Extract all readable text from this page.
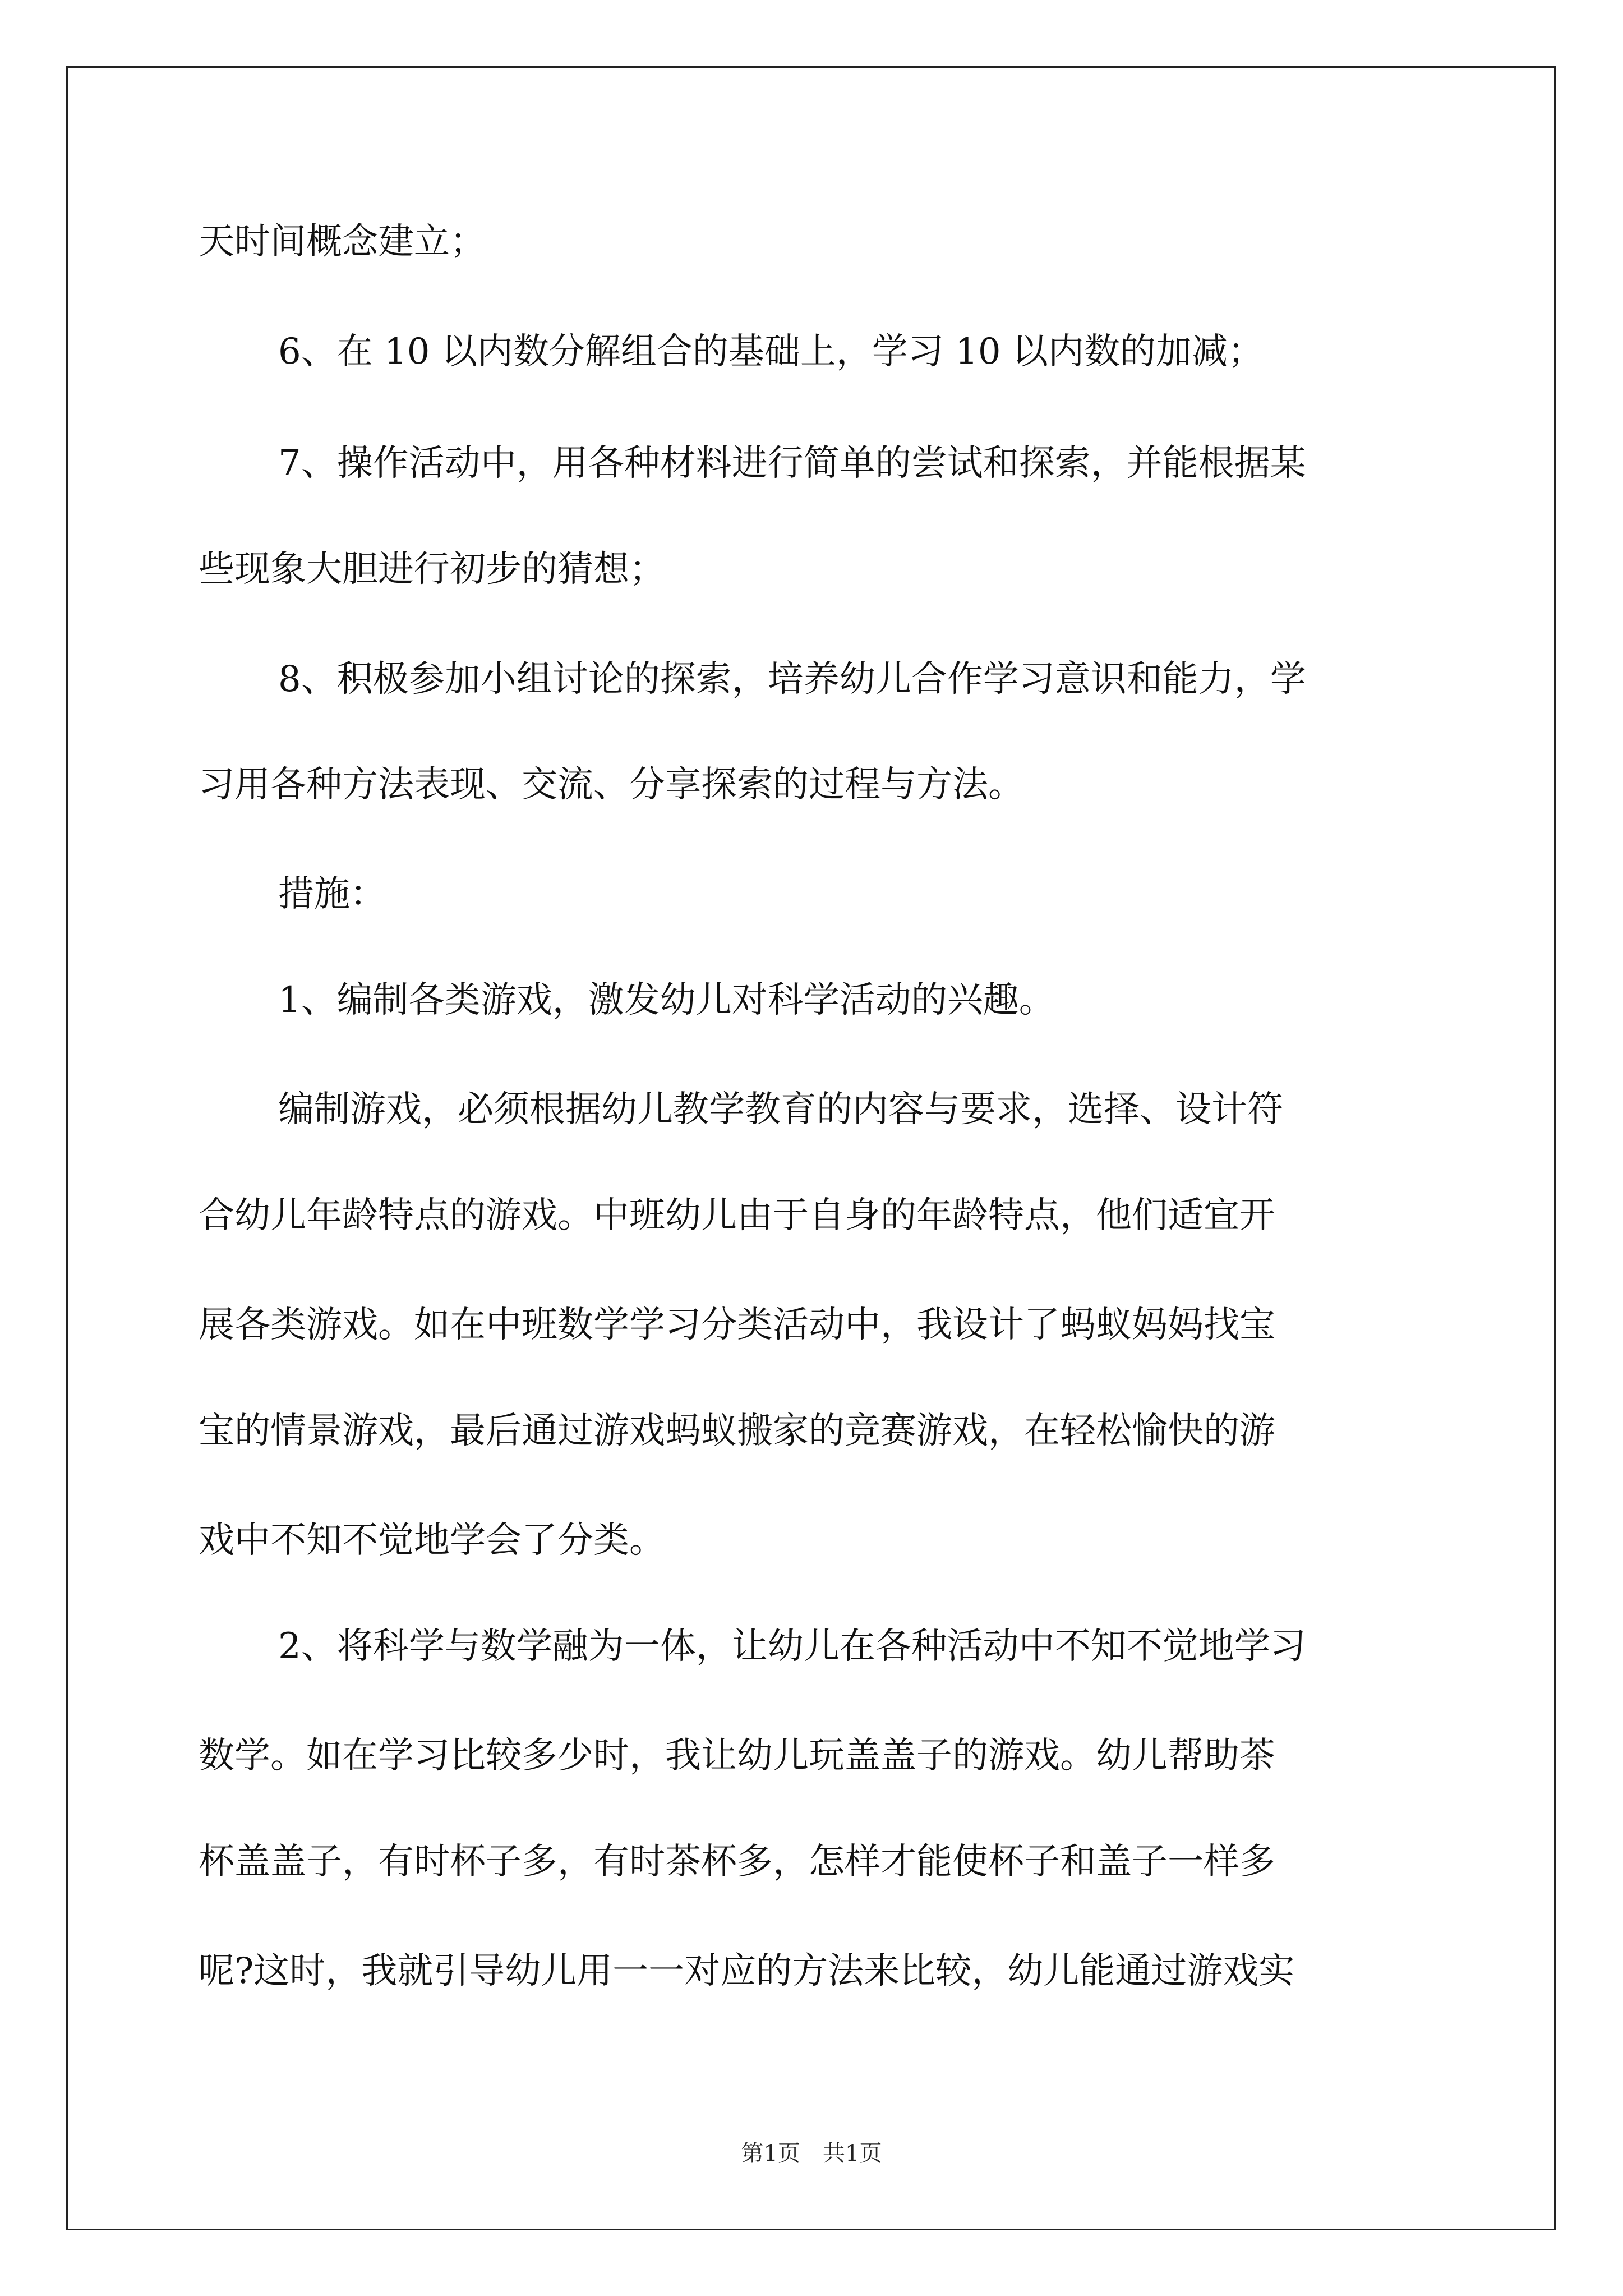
天时间概念建立；
6、在 10 以内数分解组合的基础上，学习 10 以内数的加减；
7、操作活动中，用各种材料进行简单的尝试和探索，并能根据某
些现象大胆进行初步的猜想；
8、积极参加小组讨论的探索，培养幼儿合作学习意识和能力，学
习用各种方法表现、交流、分享探索的过程与方法。
措施：
1、编制各类游戏，激发幼儿对科学活动的兴趣。
编制游戏，必须根据幼儿教学教育的内容与要求，选择、设计符
合幼儿年龄特点的游戏。中班幼儿由于自身的年龄特点，他们适宜开
展各类游戏。如在中班数学学习分类活动中，我设计了蚂蚁妈妈找宝
宝的情景游戏，最后通过游戏蚂蚁搬家的竞赛游戏，在轻松愉快的游
戏中不知不觉地学会了分类。
2、将科学与数学融为一体，让幼儿在各种活动中不知不觉地学习
数学。如在学习比较多少时，我让幼儿玩盖盖子的游戏。幼儿帮助茶
杯盖盖子，有时杯子多，有时茶杯多，怎样才能使杯子和盖子一样多
呢?这时，我就引导幼儿用一一对应的方法来比较，幼儿能通过游戏实
第1页　共1页
